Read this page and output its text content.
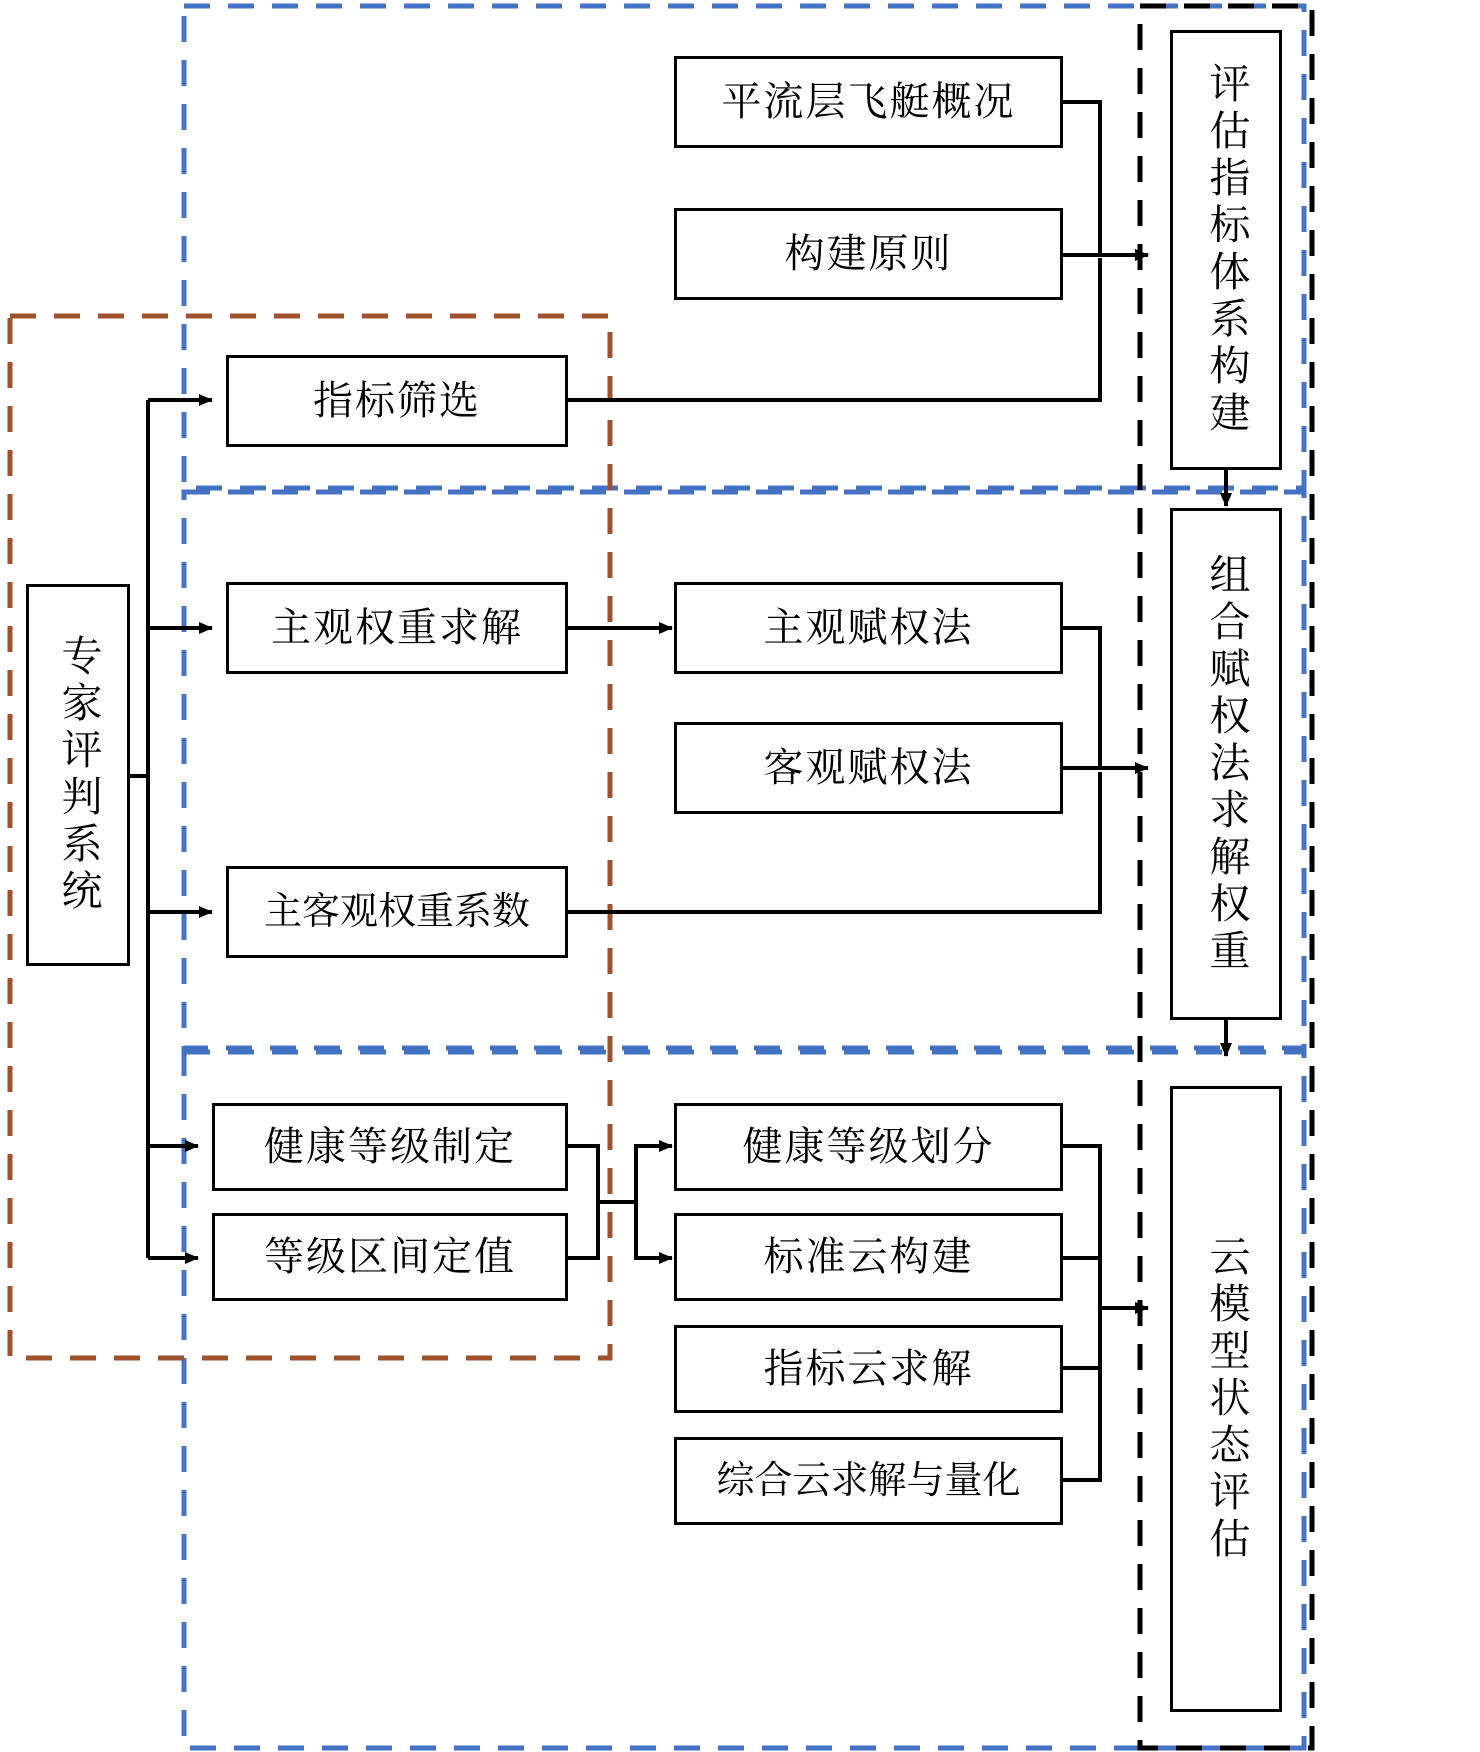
专家评判系统
平流层飞艇概况
构建原则
指标筛选
主观权重求解	主观赋权法
客观赋权法
主客观权重系数
健康等级制定
等级区间定值
健康等级划分
标准云构建
指标云求解
综合云求解与量化
评估指标体系构建
组合赋权法求解权重
云模型状态评估
